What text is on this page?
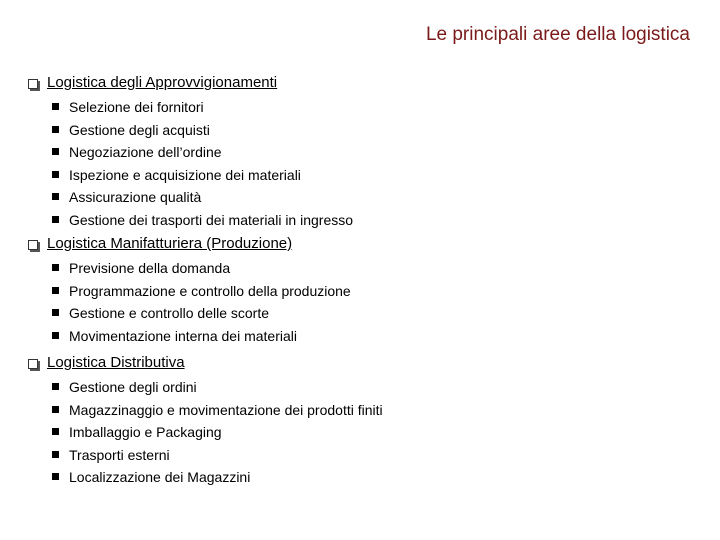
Le principali aree della logistica
Logistica degli Approvvigionamenti
Selezione dei fornitori
Gestione degli acquisti
Negoziazione dell’ordine
Ispezione e acquisizione dei materiali
Assicurazione qualità
Gestione dei trasporti dei materiali in ingresso
Logistica Manifatturiera (Produzione)
Previsione della domanda
Programmazione e controllo della produzione
Gestione e controllo delle scorte
Movimentazione interna dei materiali
Logistica Distributiva
Gestione degli ordini
Magazzinaggio e movimentazione dei prodotti finiti
Imballaggio e Packaging
Trasporti esterni
Localizzazione dei Magazzini
